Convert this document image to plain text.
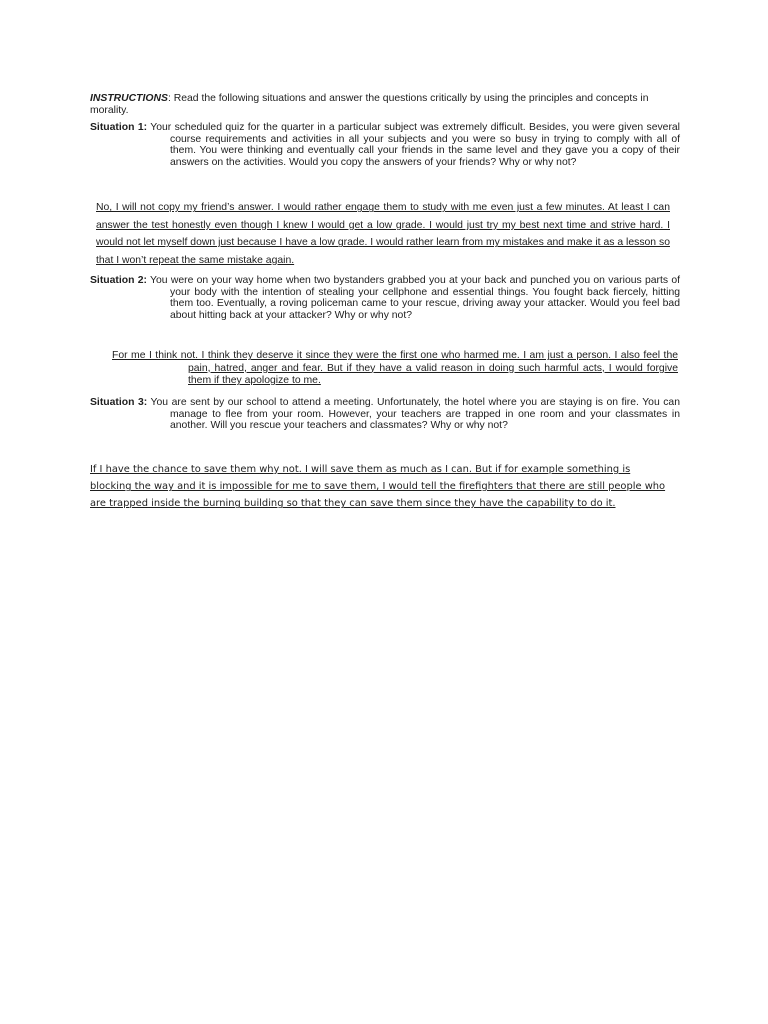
INSTRUCTIONS: Read the following situations and answer the questions critically by using the principles and concepts in morality.

Situation 1: Your scheduled quiz for the quarter in a particular subject was extremely difficult. Besides, you were given several course requirements and activities in all your subjects and you were so busy in trying to comply with all of them. You were thinking and eventually call your friends in the same level and they gave you a copy of their answers on the activities. Would you copy the answers of your friends? Why or why not?

No, I will not copy my friend’s answer. I would rather engage them to study with me even just a few minutes. At least I can answer the test honestly even though I knew I would get a low grade. I would just try my best next time and strive hard. I would not let myself down just because I have a low grade. I would rather learn from my mistakes and make it as a lesson so that I won’t repeat the same mistake again.

Situation 2: You were on your way home when two bystanders grabbed you at your back and punched you on various parts of your body with the intention of stealing your cellphone and essential things. You fought back fiercely, hitting them too. Eventually, a roving policeman came to your rescue, driving away your attacker. Would you feel bad about hitting back at your attacker? Why or why not?

For me I think not. I think they deserve it since they were the first one who harmed me. I am just a person. I also feel the pain, hatred, anger and fear. But if they have a valid reason in doing such harmful acts, I would forgive them if they apologize to me.

Situation 3: You are sent by our school to attend a meeting. Unfortunately, the hotel where you are staying is on fire. You can manage to flee from your room. However, your teachers are trapped in one room and your classmates in another. Will you rescue your teachers and classmates? Why or why not?

If I have the chance to save them why not. I will save them as much as I can. But if for example something is blocking the way and it is impossible for me to save them, I would tell the firefighters that there are still people who are trapped inside the burning building so that they can save them since they have the capability to do it.
